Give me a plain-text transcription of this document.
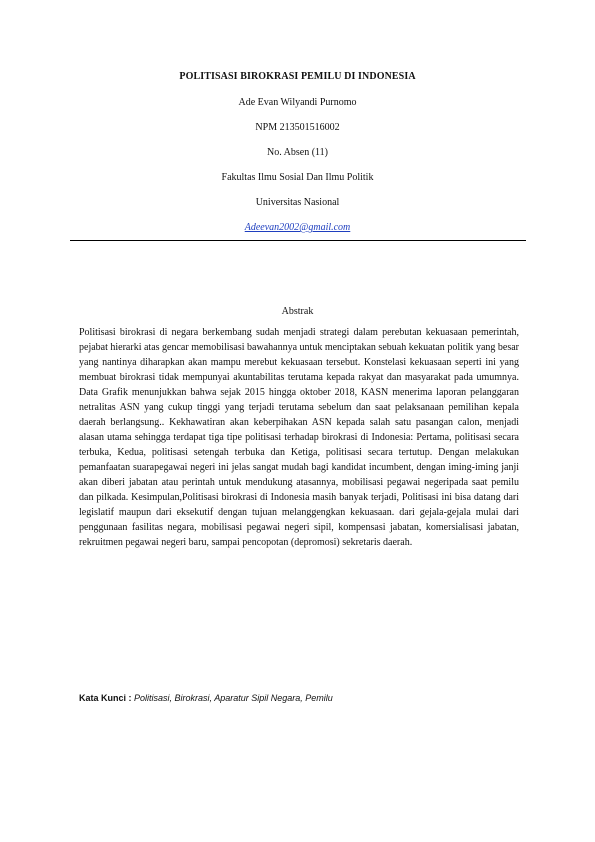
POLITISASI BIROKRASI PEMILU DI INDONESIA
Ade Evan Wilyandi Purnomo
NPM 213501516002
No. Absen (11)
Fakultas Ilmu Sosial Dan Ilmu Politik
Universitas Nasional
Adeevan2002@gmail.com
Abstrak

Politisasi birokrasi di negara berkembang sudah menjadi strategi dalam perebutan kekuasaan pemerintah, pejabat hierarki atas gencar memobilisasi bawahannya untuk menciptakan sebuah kekuatan politik yang besar yang nantinya diharapkan akan mampu merebut kekuasaan tersebut. Konstelasi kekuasaan seperti ini yang membuat birokrasi tidak mempunyai akuntabilitas terutama kepada rakyat dan masyarakat pada umumnya. Data Grafik menunjukkan bahwa sejak 2015 hingga oktober 2018, KASN menerima laporan pelanggaran netralitas ASN yang cukup tinggi yang terjadi terutama sebelum dan saat pelaksanaan pemilihan kepala daerah berlangsung.. Kekhawatiran akan keberpihakan ASN kepada salah satu pasangan calon, menjadi alasan utama sehingga terdapat tiga tipe politisasi terhadap birokrasi di Indonesia: Pertama, politisasi secara terbuka, Kedua, politisasi setengah terbuka dan Ketiga, politisasi secara tertutup. Dengan melakukan pemanfaatan suarapegawai negeri ini jelas sangat mudah bagi kandidat incumbent, dengan iming-iming janji akan diberi jabatan atau perintah untuk mendukung atasannya, mobilisasi pegawai negeripada saat pemilu dan pilkada. Kesimpulan,Politisasi birokrasi di Indonesia masih banyak terjadi, Politisasi ini bisa datang dari legislatif maupun dari eksekutif dengan tujuan melanggengkan kekuasaan. dari gejala-gejala mulai dari penggunaan fasilitas negara, mobilisasi pegawai negeri sipil, kompensasi jabatan, komersialisasi jabatan, rekruitmen pegawai negeri baru, sampai pencopotan (depromosi) sekretaris daerah.

Kata Kunci : Politisasi, Birokrasi, Aparatur Sipil Negara, Pemilu
